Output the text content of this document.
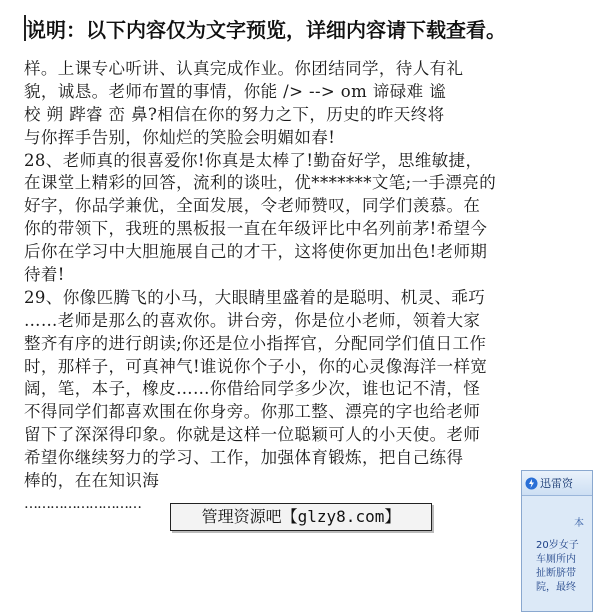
说明：以下内容仅为文字预览，详细内容请下载查看。
样。上课专心听讲、认真完成作业。你团结同学，待人有礼
貌，诚恳。老师布置的事情，你能 /> --> om 谛碌难 谧
校 朔 跸睿 峦 鼻?相信在你的努力之下，历史的昨天终将
与你挥手告别，你灿烂的笑脸会明媚如春!
28、老师真的很喜爱你!你真是太棒了!勤奋好学，思维敏捷，
在课堂上精彩的回答，流利的谈吐，优*******文笔;一手漂亮的
好字，你品学兼优，全面发展，令老师赞叹，同学们羡慕。在
你的带领下，我班的黑板报一直在年级评比中名列前茅!希望今
后你在学习中大胆施展自己的才干，这将使你更加出色!老师期
待着!
29、你像匹腾飞的小马，大眼睛里盛着的是聪明、机灵、乖巧
……老师是那么的喜欢你。讲台旁，你是位小老师，领着大家
整齐有序的进行朗读;你还是位小指挥官，分配同学们值日工作
时，那样子，可真神气!谁说你个子小，你的心灵像海洋一样宽
阔，笔，本子，橡皮……你借给同学多少次，谁也记不清，怪
不得同学们都喜欢围在你身旁。你那工整、漂亮的字也给老师
留下了深深得印象。你就是这样一位聪颖可人的小天使。老师
希望你继续努力的学习、工作，加强体育锻炼，把自己练得
棒的，在在知识海
………………………
管理资源吧【glzy8.com】
迅雷资
本
20岁女子
车厕所内
扯断脐带
院，最终
